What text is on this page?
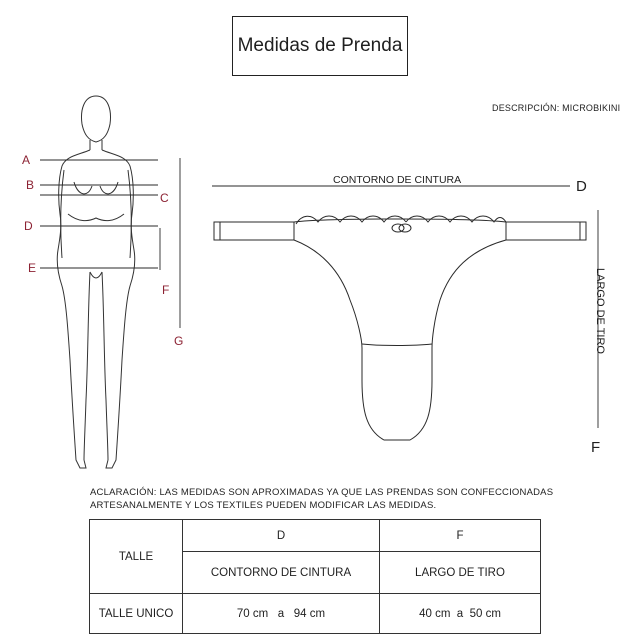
Medidas de Prenda
DESCRIPCIÓN: MICROBIKINI
A
B
C
D
E
F
G
CONTORNO DE CINTURA	D
LARGO DE TIRO
F
ACLARACIÓN: LAS MEDIDAS SON APROXIMADAS YA QUE LAS PRENDAS SON CONFECCIONADAS
ARTESANALMENTE Y LOS TEXTILES PUEDEN MODIFICAR LAS MEDIDAS.
TALLE	D	F
	CONTORNO DE CINTURA	LARGO DE TIRO
TALLE UNICO	70 cm   a   94 cm	40 cm  a  50 cm
